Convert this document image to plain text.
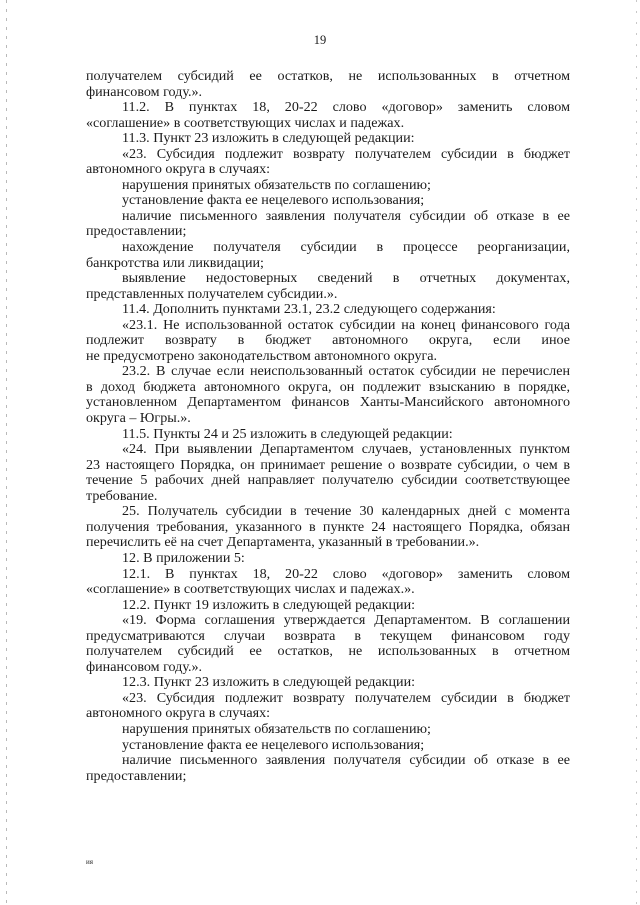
19
получателем субсидий ее остатков, не использованных в отчетном
финансовом году.».
11.2. В пунктах 18, 20-22 слово «договор» заменить словом
«соглашение» в соответствующих числах и падежах.
11.3. Пункт 23 изложить в следующей редакции:
«23. Субсидия подлежит возврату получателем субсидии в бюджет
автономного округа в случаях:
нарушения принятых обязательств по соглашению;
установление факта ее нецелевого использования;
наличие письменного заявления получателя субсидии об отказе в ее
предоставлении;
нахождение получателя субсидии в процессе реорганизации,
банкротства или ликвидации;
выявление недостоверных сведений в отчетных документах,
представленных получателем субсидии.».
11.4. Дополнить пунктами 23.1, 23.2 следующего содержания:
«23.1. Не использованной остаток субсидии на конец финансового года
подлежит возврату в бюджет автономного округа, если иное
не предусмотрено законодательством автономного округа.
23.2. В случае если неиспользованный остаток субсидии не перечислен
в доход бюджета автономного округа, он подлежит взысканию в порядке,
установленном Департаментом финансов Ханты-Мансийского автономного
округа – Югры.».
11.5. Пункты 24 и 25 изложить в следующей редакции:
«24. При выявлении Департаментом случаев, установленных пунктом
23 настоящего Порядка, он принимает решение о возврате субсидии, о чем в
течение 5 рабочих дней направляет получателю субсидии соответствующее
требование.
25. Получатель субсидии в течение 30 календарных дней с момента
получения требования, указанного в пункте 24 настоящего Порядка, обязан
перечислить её на счет Департамента, указанный в требовании.».
12. В приложении 5:
12.1. В пунктах 18, 20-22 слово «договор» заменить словом
«соглашение» в соответствующих числах и падежах.».
12.2. Пункт 19 изложить в следующей редакции:
«19. Форма соглашения утверждается Департаментом. В соглашении
предусматриваются случаи возврата в текущем финансовом году
получателем субсидий ее остатков, не использованных в отчетном
финансовом году.».
12.3. Пункт 23 изложить в следующей редакции:
«23. Субсидия подлежит возврату получателем субсидии в бюджет
автономного округа в случаях:
нарушения принятых обязательств по соглашению;
установление факта ее нецелевого использования;
наличие письменного заявления получателя субсидии об отказе в ее
предоставлении;
ия
